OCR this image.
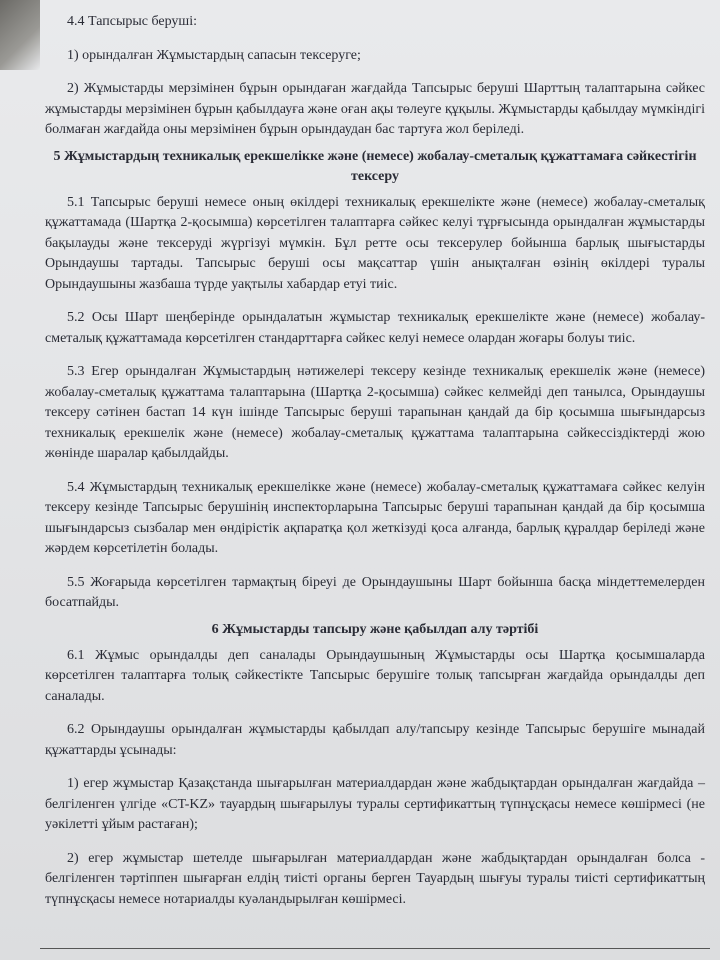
4.4 Тапсырыс беруші:

1) орындалған Жұмыстардың сапасын тексеруге;

2) Жұмыстарды мерзімінен бұрын орындаған жағдайда Тапсырыс беруші Шарттың талаптарына сәйкес жұмыстарды мерзімінен бұрын қабылдауға және оған ақы төлеуге құқылы. Жұмыстарды қабылдау мүмкіндігі болмаған жағдайда оны мерзімінен бұрын орындаудан бас тартуға жол беріледі.

5 Жұмыстардың техникалық ерекшелікке және (немесе) жобалау-сметалық құжаттамаға сәйкестігін тексеру

5.1 Тапсырыс беруші немесе оның өкілдері техникалық ерекшелікте және (немесе) жобалау-сметалық құжаттамада (Шартқа 2-қосымша) көрсетілген талаптарға сәйкес келуі тұрғысында орындалған жұмыстарды бақылауды және тексеруді жүргізуі мүмкін. Бұл ретте осы тексерулер бойынша барлық шығыстарды Орындаушы тартады. Тапсырыс беруші осы мақсаттар үшін анықталған өзінің өкілдері туралы Орындаушыны жазбаша түрде уақтылы хабардар етуі тиіс.

5.2 Осы Шарт шеңберінде орындалатын жұмыстар техникалық ерекшелікте және (немесе) жобалау-сметалық құжаттамада көрсетілген стандарттарға сәйкес келуі немесе олардан жоғары болуы тиіс.

5.3 Егер орындалған Жұмыстардың нәтижелері тексеру кезінде техникалық ерекшелік және (немесе) жобалау-сметалық құжаттама талаптарына (Шартқа 2-қосымша) сәйкес келмейді деп танылса, Орындаушы тексеру сәтінен бастап 14 күн ішінде Тапсырыс беруші тарапынан қандай да бір қосымша шығындарсыз техникалық ерекшелік және (немесе) жобалау-сметалық құжаттама талаптарына сәйкессіздіктерді жою жөнінде шаралар қабылдайды.

5.4 Жұмыстардың техникалық ерекшелікке және (немесе) жобалау-сметалық құжаттамаға сәйкес келуін тексеру кезінде Тапсырыс берушінің инспекторларына Тапсырыс беруші тарапынан қандай да бір қосымша шығындарсыз сызбалар мен өндірістік ақпаратқа қол жеткізуді қоса алғанда, барлық құралдар беріледі және жәрдем көрсетілетін болады.

5.5 Жоғарыда көрсетілген тармақтың біреуі де Орындаушыны Шарт бойынша басқа міндеттемелерден босатпайды.

6 Жұмыстарды тапсыру және қабылдап алу тәртібі

6.1 Жұмыс орындалды деп саналады Орындаушының Жұмыстарды осы Шартқа қосымшаларда көрсетілген талаптарға толық сәйкестікте Тапсырыс берушіге толық тапсырған жағдайда орындалды деп саналады.

6.2 Орындаушы орындалған жұмыстарды қабылдап алу/тапсыру кезінде Тапсырыс берушіге мынадай құжаттарды ұсынады:

1) егер жұмыстар Қазақстанда шығарылған материалдардан және жабдықтардан орындалған жағдайда – белгіленген үлгіде «CT-KZ» тауардың шығарылуы туралы сертификаттың түпнұсқасы немесе көшірмесі (не уәкілетті ұйым растаған);

2) егер жұмыстар шетелде шығарылған материалдардан және жабдықтардан орындалған болса - белгіленген тәртіппен шығарған елдің тиісті органы берген Тауардың шығуы туралы тиісті сертификаттың түпнұсқасы немесе нотариалды куәландырылған көшірмесі.
